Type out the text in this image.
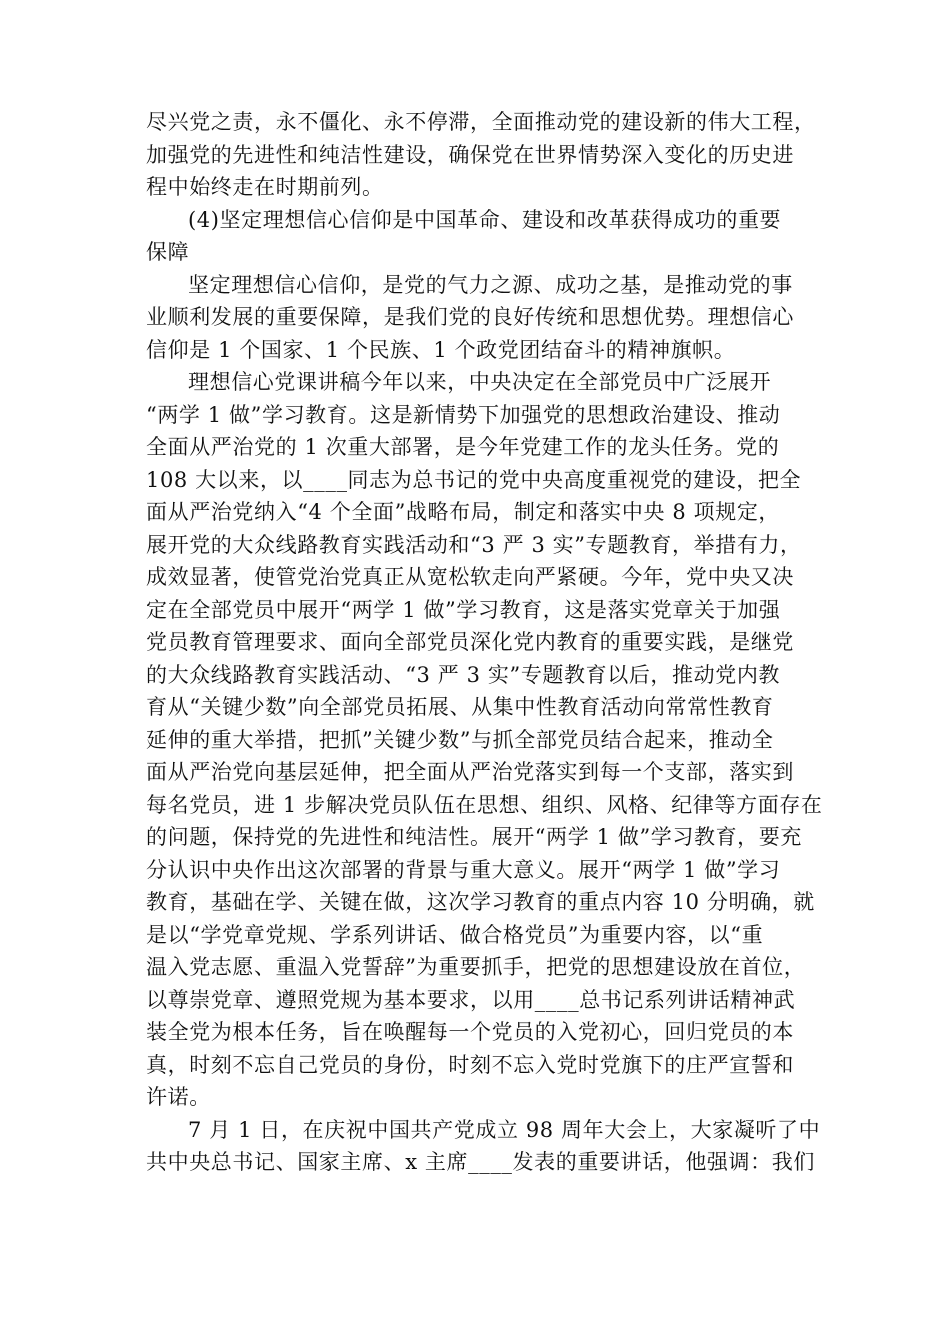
尽兴党之责，永不僵化、永不停滞，全面推动党的建设新的伟大工程，
加强党的先进性和纯洁性建设，确保党在世界情势深入变化的历史进
程中始终走在时期前列。
(4)坚定理想信心信仰是中国革命、建设和改革获得成功的重要
保障
坚定理想信心信仰，是党的气力之源、成功之基，是推动党的事
业顺利发展的重要保障，是我们党的良好传统和思想优势。理想信心
信仰是 1 个国家、1 个民族、1 个政党团结奋斗的精神旗帜。
理想信心党课讲稿今年以来，中央决定在全部党员中广泛展开
“两学 1 做”学习教育。这是新情势下加强党的思想政治建设、推动
全面从严治党的 1 次重大部署，是今年党建工作的龙头任务。党的
108 大以来，以____同志为总书记的党中央高度重视党的建设，把全
面从严治党纳入“4 个全面”战略布局，制定和落实中央 8 项规定，
展开党的大众线路教育实践活动和“3 严 3 实”专题教育，举措有力，
成效显著，使管党治党真正从宽松软走向严紧硬。今年，党中央又决
定在全部党员中展开“两学 1 做”学习教育，这是落实党章关于加强
党员教育管理要求、面向全部党员深化党内教育的重要实践，是继党
的大众线路教育实践活动、“3 严 3 实”专题教育以后，推动党内教
育从“关键少数”向全部党员拓展、从集中性教育活动向常常性教育
延伸的重大举措，把抓”关键少数”与抓全部党员结合起来，推动全
面从严治党向基层延伸，把全面从严治党落实到每一个支部，落实到
每名党员，进 1 步解决党员队伍在思想、组织、风格、纪律等方面存在
的问题，保持党的先进性和纯洁性。展开“两学 1 做”学习教育，要充
分认识中央作出这次部署的背景与重大意义。展开“两学 1 做”学习
教育，基础在学、关键在做，这次学习教育的重点内容 10 分明确，就
是以“学党章党规、学系列讲话、做合格党员”为重要内容，以“重
温入党志愿、重温入党誓辞”为重要抓手，把党的思想建设放在首位，
以尊崇党章、遵照党规为基本要求，以用____总书记系列讲话精神武
装全党为根本任务，旨在唤醒每一个党员的入党初心，回归党员的本
真，时刻不忘自己党员的身份，时刻不忘入党时党旗下的庄严宣誓和
许诺。
7 月 1 日，在庆祝中国共产党成立 98 周年大会上，大家凝听了中
共中央总书记、国家主席、x 主席____发表的重要讲话，他强调：我们
